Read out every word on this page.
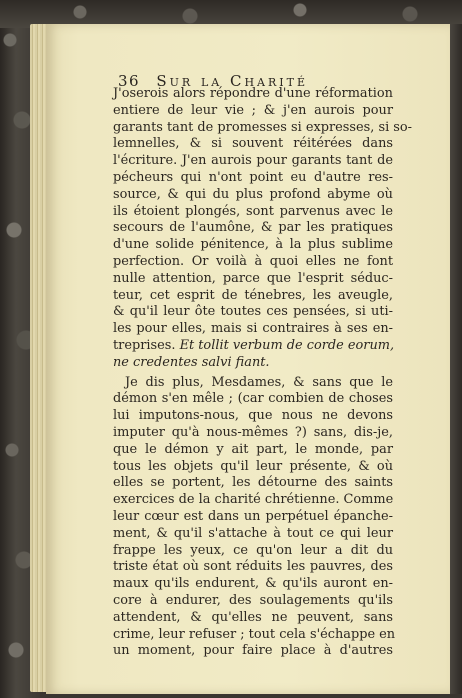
36 Sur la Charité
J'oserois alors répondre d'une réformation
entiere de leur vie ; & j'en aurois pour
garants tant de promesses si expresses, si so-
lemnelles, & si souvent réitérées dans
l'écriture. J'en aurois pour garants tant de
pécheurs qui n'ont point eu d'autre res-
source, & qui du plus profond abyme où
ils étoient plongés, sont parvenus avec le
secours de l'aumône, & par les pratiques
d'une solide pénitence, à la plus sublime
perfection. Or voilà à quoi elles ne font
nulle attention, parce que l'esprit séduc-
teur, cet esprit de ténebres, les aveugle,
& qu'il leur ôte toutes ces pensées, si uti-
les pour elles, mais si contraires à ses en-
treprises. Et tollit verbum de corde eorum,
ne credentes salvi fiant.
Je dis plus, Mesdames, & sans que le
démon s'en mêle ; (car combien de choses
lui imputons-nous, que nous ne devons
imputer qu'à nous-mêmes ?) sans, dis-je,
que le démon y ait part, le monde, par
tous les objets qu'il leur présente, & où
elles se portent, les détourne des saints
exercices de la charité chrétienne. Comme
leur cœur est dans un perpétuel épanche-
ment, & qu'il s'attache à tout ce qui leur
frappe les yeux, ce qu'on leur a dit du
triste état où sont réduits les pauvres, des
maux qu'ils endurent, & qu'ils auront en-
core à endurer, des soulagements qu'ils
attendent, & qu'elles ne peuvent, sans
crime, leur refuser ; tout cela s'échappe en
un moment, pour faire place à d'autres
